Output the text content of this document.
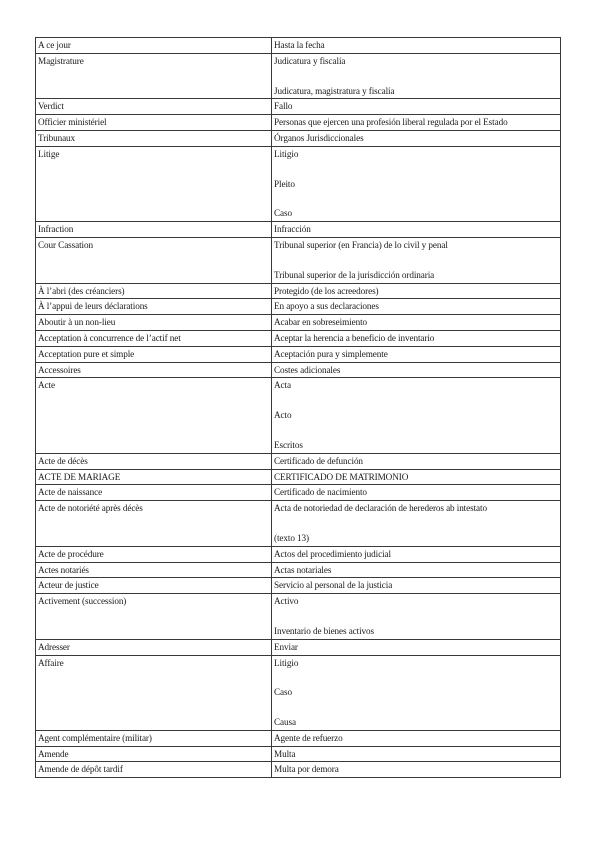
A ce jour	Hasta la fecha

Magistrature	Judicatura y fiscalía
Judicatura, magistratura y fiscalía

Verdict	Fallo

Officier ministériel	Personas que ejercen una profesión liberal regulada por el Estado

Tribunaux	Órganos Jurisdiccionales

Litige	Litigio
Pleito
Caso

Infraction	Infracción

Cour Cassation	Tribunal superior (en Francia) de lo civil y penal
Tribunal superior de la jurisdicción ordinaria

À l’abri (des créanciers)	Protegido (de los acreedores)

À l’appui de leurs déclarations	En apoyo a sus declaraciones

Aboutir à un non-lieu	Acabar en sobreseimiento

Acceptation à concurrence de l’actif net	Aceptar la herencia a beneficio de inventario

Acceptation pure et simple	Aceptación pura y simplemente

Accessoires	Costes adicionales

Acte	Acta
Acto
Escritos

Acte de décès	Certificado de defunción

ACTE DE MARIAGE	CERTIFICADO DE MATRIMONIO

Acte de naissance	Certificado de nacimiento

Acte de notoriété après décès	Acta de notoriedad de declaración de herederos ab intestato
(texto 13)

Acte de procédure	Actos del procedimiento judicial

Actes notariés	Actas notariales

Acteur de justice	Servicio al personal de la justicia

Activement (succession)	Activo
Inventario de bienes activos

Adresser	Enviar

Affaire	Litigio
Caso
Causa

Agent complémentaire (militar)	Agente de refuerzo

Amende	Multa

Amende de dépôt tardif	Multa por demora
